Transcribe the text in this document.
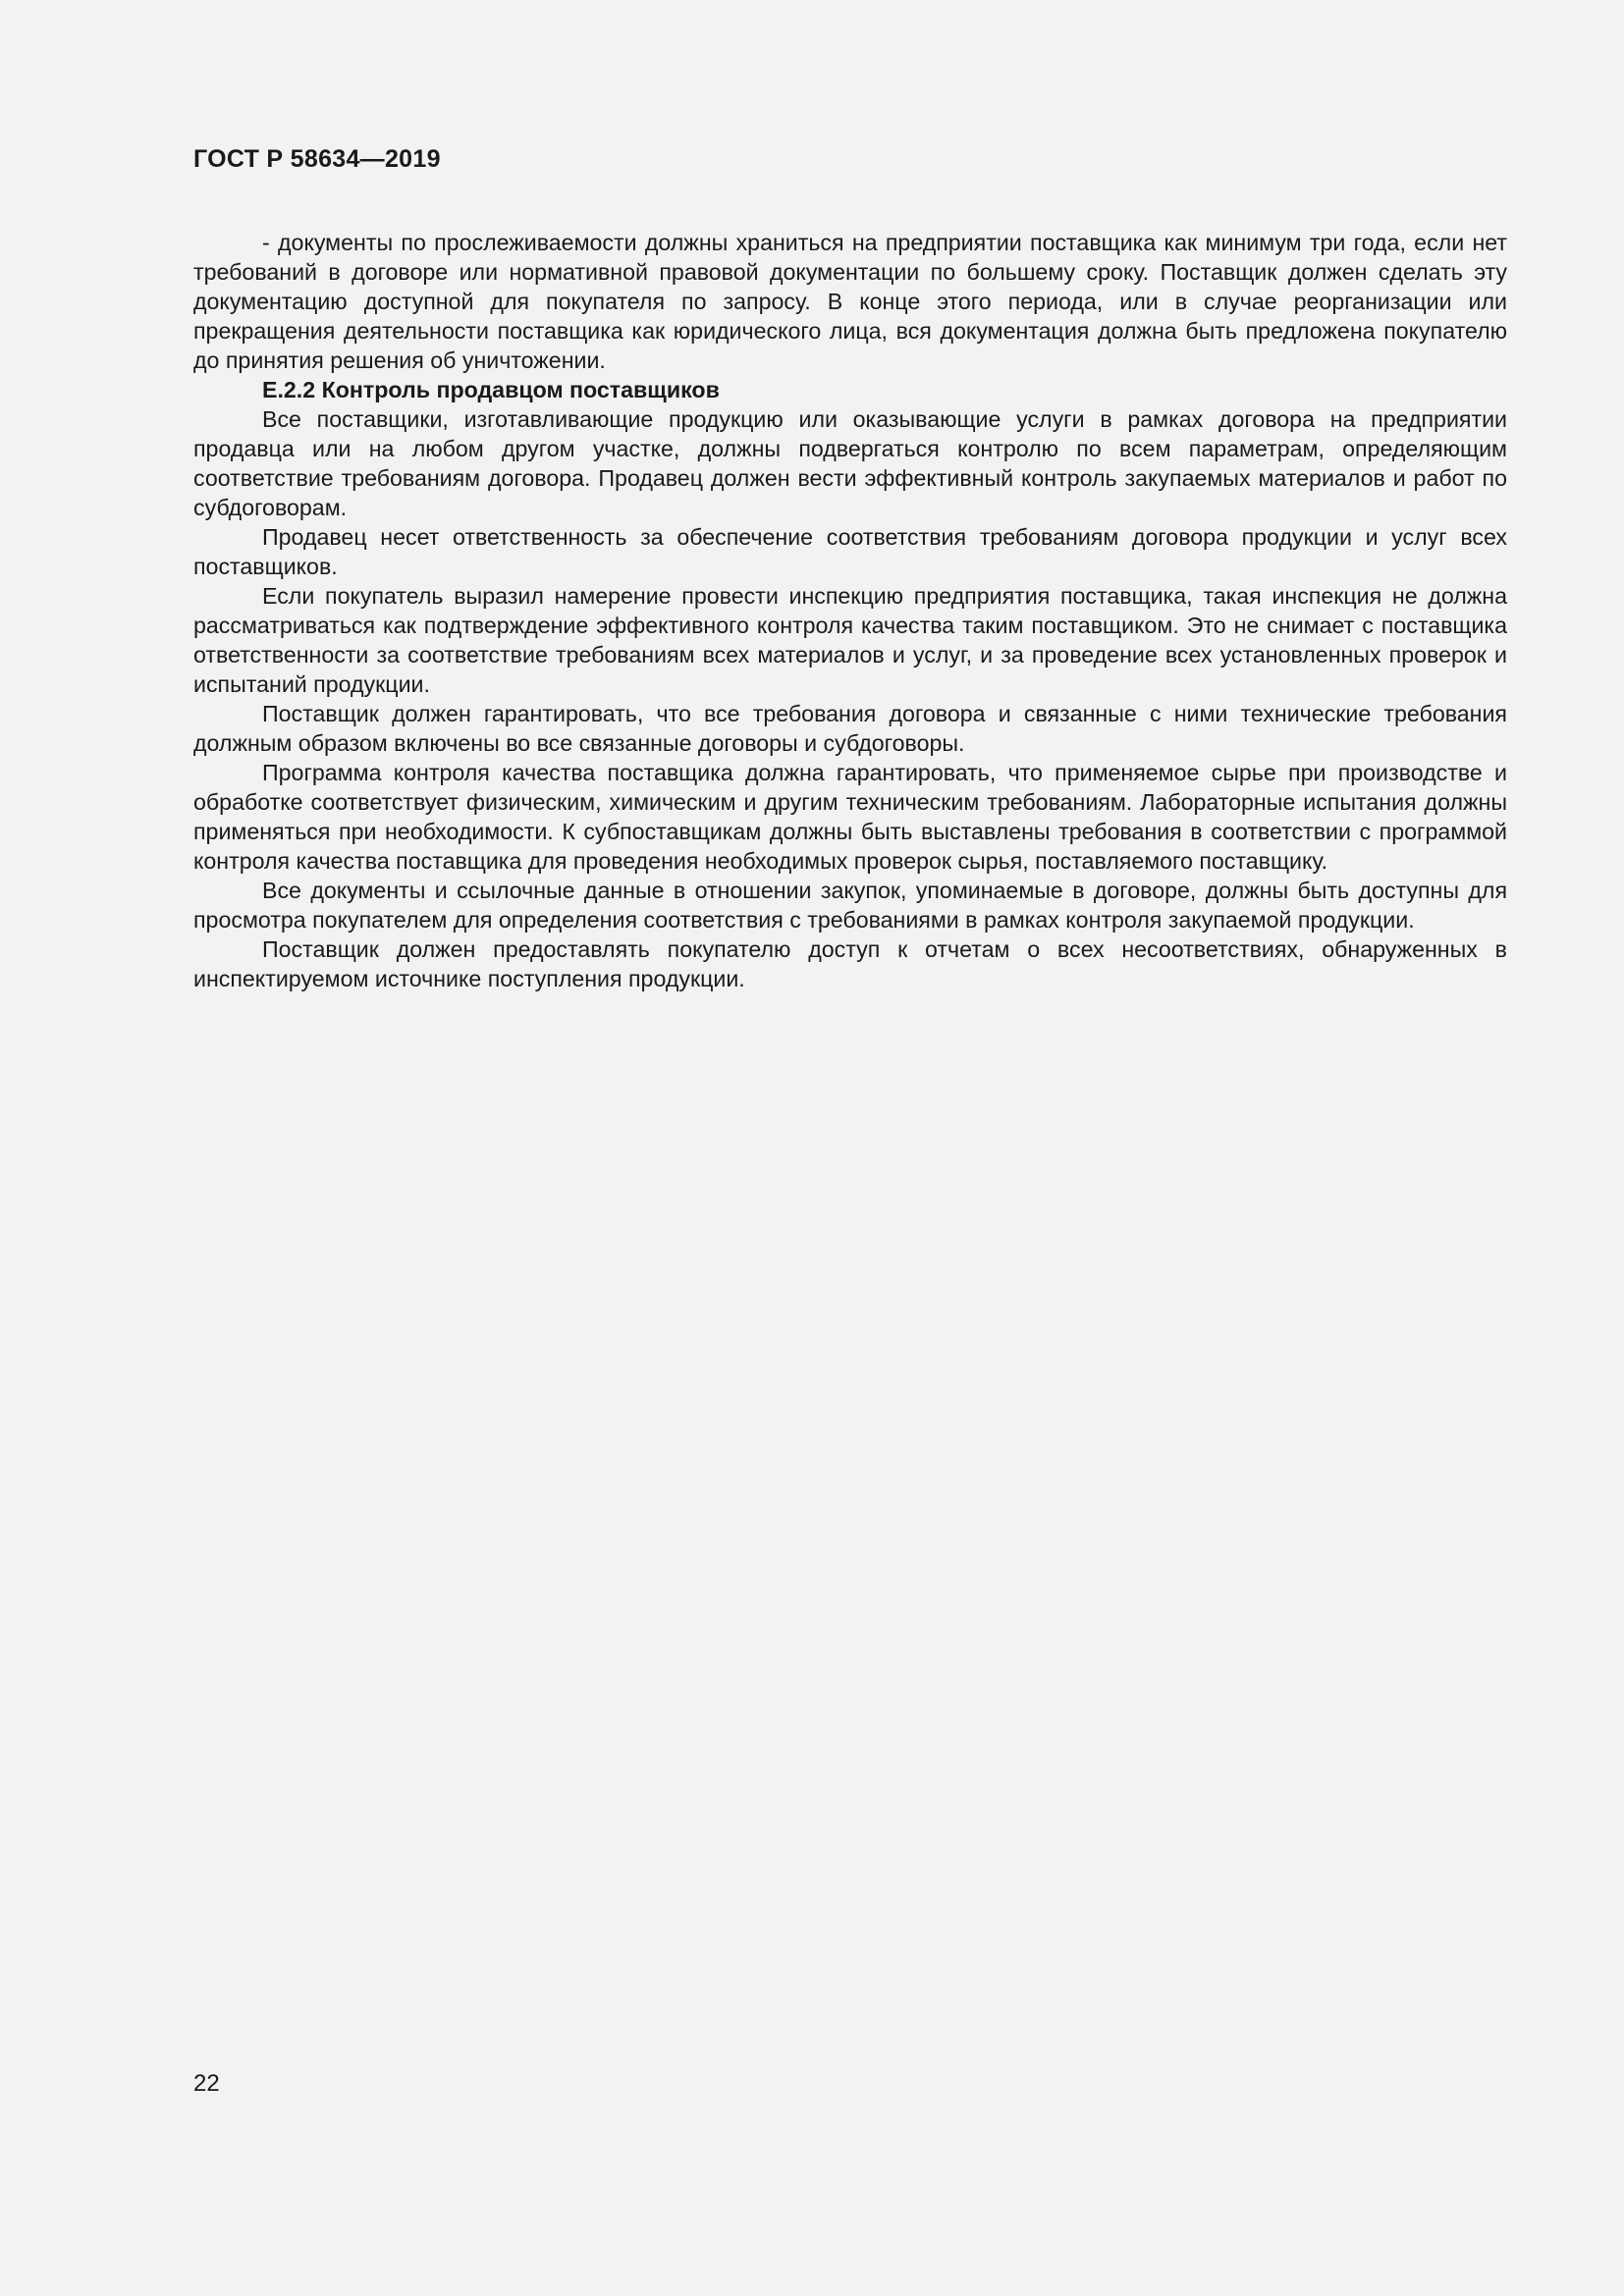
ГОСТ Р 58634—2019

- документы по прослеживаемости должны храниться на предприятии поставщика как минимум три года, если нет требований в договоре или нормативной правовой документации по большему сроку. Поставщик должен сделать эту документацию доступной для покупателя по запросу. В конце этого периода, или в случае реорганизации или прекращения деятельности поставщика как юридического лица, вся документация должна быть предложена покупателю до принятия решения об уничтожении.

Е.2.2 Контроль продавцом поставщиков

Все поставщики, изготавливающие продукцию или оказывающие услуги в рамках договора на предприятии продавца или на любом другом участке, должны подвергаться контролю по всем параметрам, определяющим соответствие требованиям договора. Продавец должен вести эффективный контроль закупаемых материалов и работ по субдоговорам.

Продавец несет ответственность за обеспечение соответствия требованиям договора продукции и услуг всех поставщиков.

Если покупатель выразил намерение провести инспекцию предприятия поставщика, такая инспекция не должна рассматриваться как подтверждение эффективного контроля качества таким поставщиком. Это не снимает с поставщика ответственности за соответствие требованиям всех материалов и услуг, и за проведение всех установленных проверок и испытаний продукции.

Поставщик должен гарантировать, что все требования договора и связанные с ними технические требования должным образом включены во все связанные договоры и субдоговоры.

Программа контроля качества поставщика должна гарантировать, что применяемое сырье при производстве и обработке соответствует физическим, химическим и другим техническим требованиям. Лабораторные испытания должны применяться при необходимости. К субпоставщикам должны быть выставлены требования в соответствии с программой контроля качества поставщика для проведения необходимых проверок сырья, поставляемого поставщику.

Все документы и ссылочные данные в отношении закупок, упоминаемые в договоре, должны быть доступны для просмотра покупателем для определения соответствия с требованиями в рамках контроля закупаемой продукции.

Поставщик должен предоставлять покупателю доступ к отчетам о всех несоответствиях, обнаруженных в инспектируемом источнике поступления продукции.

22
